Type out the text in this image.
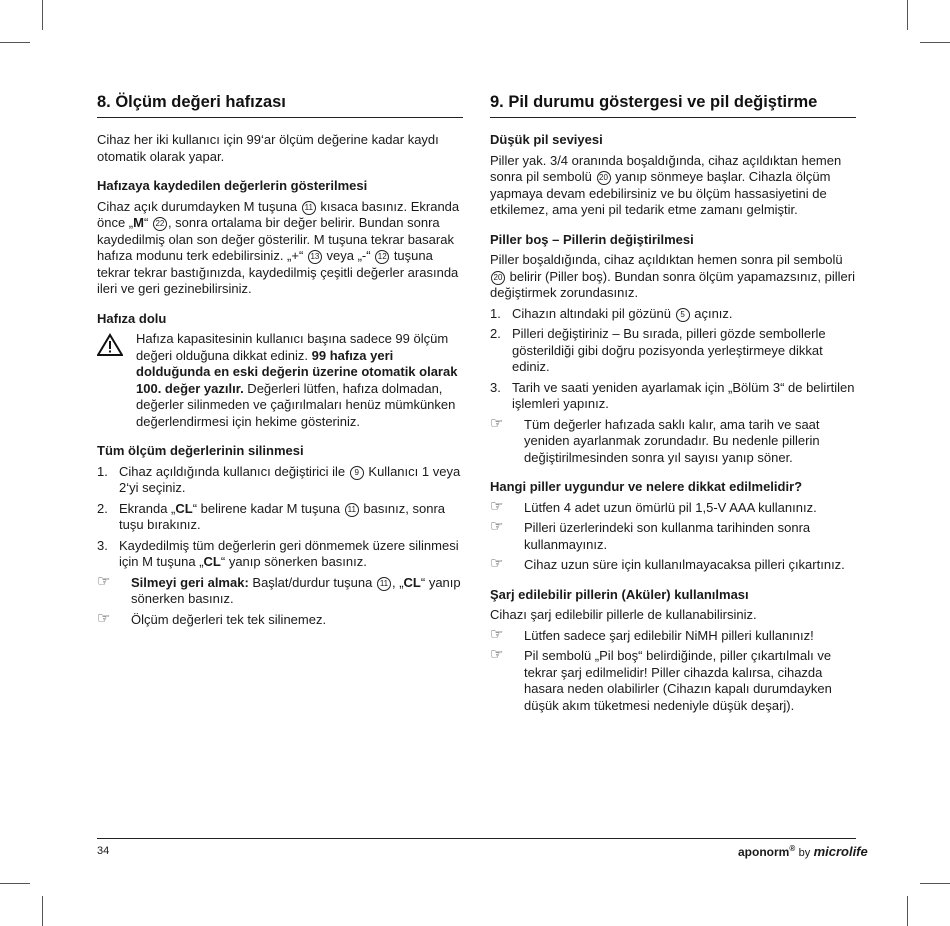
8. Ölçüm değeri hafızası

Cihaz her iki kullanıcı için 99‘ar ölçüm değerine kadar kaydı otomatik olarak yapar.

Hafızaya kaydedilen değerlerin gösterilmesi

Cihaz açık durumdayken M tuşuna 11 kısaca basınız. Ekranda önce „M“ 22 , sonra ortalama bir değer belirir. Bundan sonra kaydedilmiş olan son değer gösterilir. M tuşuna tekrar basarak hafıza modunu terk edebilirsiniz. „+“ 13 veya „-“ 12 tuşuna tekrar tekrar bastığınızda, kaydedilmiş çeşitli değerler arasında ileri ve geri gezinebilirsiniz.

Hafıza dolu
Hafıza kapasitesinin kullanıcı başına sadece 99 ölçüm değeri olduğuna dikkat ediniz. 99 hafıza yeri dolduğunda en eski değerin üzerine otomatik olarak 100. değer yazılır. Değerleri lütfen, hafıza dolmadan, değerler silinmeden ve çağırılmaları henüz mümkünken değerlendirmesi için hekime gösteriniz.
Tüm ölçüm değerlerinin silinmesi
1. Cihaz açıldığında kullanıcı değiştirici ile 9 Kullanıcı 1 veya 2‘yi seçiniz.
2. Ekranda „CL“ belirene kadar M tuşuna 11 basınız, sonra tuşu bırakınız.
3. Kaydedilmiş tüm değerlerin geri dönmemek üzere silinmesi için M tuşuna „CL“ yanıp sönerken basınız.
☞ Silmeyi geri almak: Başlat/durdur tuşuna 11 , „CL“ yanıp sönerken basınız.
☞ Ölçüm değerleri tek tek silinemez.
9. Pil durumu göstergesi ve pil değiştirme
Düşük pil seviyesi

Piller yak. 3/4 oranında boşaldığında, cihaz açıldıktan hemen sonra pil sembolü 20 yanıp sönmeye başlar. Cihazla ölçüm yapmaya devam edebilirsiniz ve bu ölçüm hassasiyetini de etkilemez, ama yeni pil tedarik etme zamanı gelmiştir.

Piller boş – Pillerin değiştirilmesi

Piller boşaldığında, cihaz açıldıktan hemen sonra pil sembolü 20 belirir (Piller boş). Bundan sonra ölçüm yapamazsınız, pilleri değiştirmek zorundasınız.

1. Cihazın altındaki pil gözünü 5 açınız.
2. Pilleri değiştiriniz – Bu sırada, pilleri gözde sembollerle gösterildiği gibi doğru pozisyonda yerleştirmeye dikkat ediniz.
3. Tarih ve saati yeniden ayarlamak için „Bölüm 3“ de belirtilen işlemleri yapınız.
☞ Tüm değerler hafızada saklı kalır, ama tarih ve saat yeniden ayarlanmak zorundadır. Bu nedenle pillerin değiştirilmesinden sonra yıl sayısı yanıp söner.
Hangi piller uygundur ve nelere dikkat edilmelidir?
☞ Lütfen 4 adet uzun ömürlü pil 1,5-V AAA kullanınız.
☞ Pilleri üzerlerindeki son kullanma tarihinden sonra kullanmayınız.
☞ Cihaz uzun süre için kullanılmayacaksa pilleri çıkartınız.
Şarj edilebilir pillerin (Aküler) kullanılması

Cihazı şarj edilebilir pillerle de kullanabilirsiniz.

☞ Lütfen sadece şarj edilebilir NiMH pilleri kullanınız!
☞ Pil sembolü „Pil boş“ belirdiğinde, piller çıkartılmalı ve tekrar şarj edilmelidir! Piller cihazda kalırsa, cihazda hasara neden olabilirler (Cihazın kapalı durumdayken düşük akım tüketmesi nedeniyle düşük deşarj).
34	aponorm® by microlife
